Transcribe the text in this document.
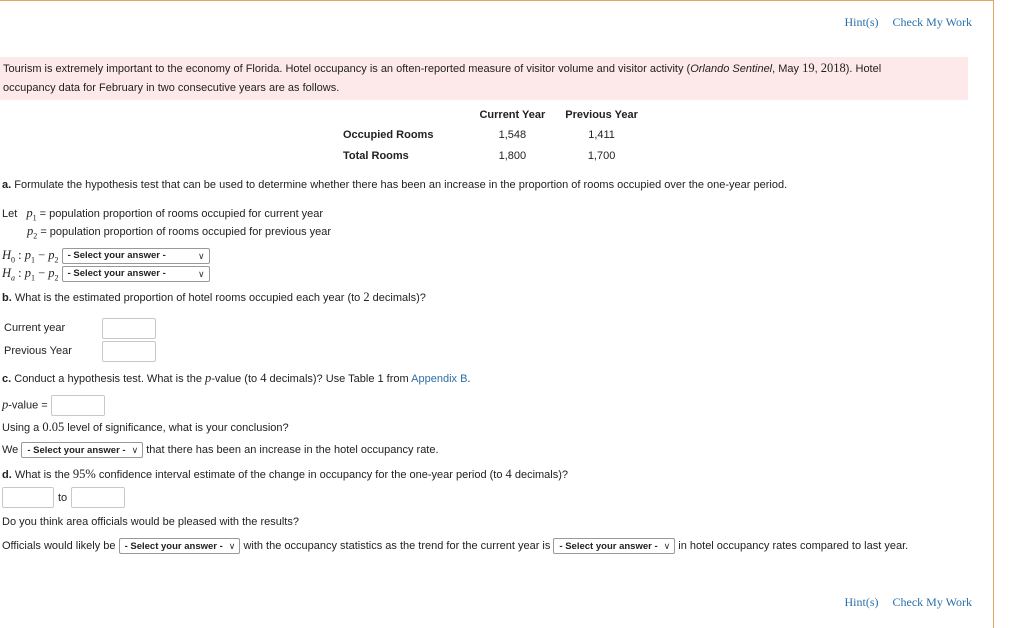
Hint(s) Check My Work
Tourism is extremely important to the economy of Florida. Hotel occupancy is an often-reported measure of visitor volume and visitor activity (Orlando Sentinel, May 19, 2018). Hotel
occupancy data for February in two consecutive years are as follows.
	Current Year	Previous Year
Occupied Rooms	1,548	1,411
Total Rooms	1,800	1,700
a. Formulate the hypothesis test that can be used to determine whether there has been an increase in the proportion of rooms occupied over the one-year period.
Let $p_1$ = population proportion of rooms occupied for current year
$p_2$ = population proportion of rooms occupied for previous year
$H_0$ : $p_1 - p_2$ - Select your answer -	∨
$H_a$ : $p_1 - p_2$ - Select your answer -	∨
b. What is the estimated proportion of hotel rooms occupied each year (to 2 decimals)?
Current year
Previous Year
c. Conduct a hypothesis test. What is the p-value (to 4 decimals)? Use Table 1 from Appendix B.
p-value =
Using a 0.05 level of significance, what is your conclusion?
We - Select your answer - ∨ that there has been an increase in the hotel occupancy rate.
d. What is the 95% confidence interval estimate of the change in occupancy for the one-year period (to 4 decimals)?
to
Do you think area officials would be pleased with the results?
Officials would likely be - Select your answer - ∨ with the occupancy statistics as the trend for the current year is - Select your answer - ∨ in hotel occupancy rates compared to last year.
Hint(s) Check My Work
